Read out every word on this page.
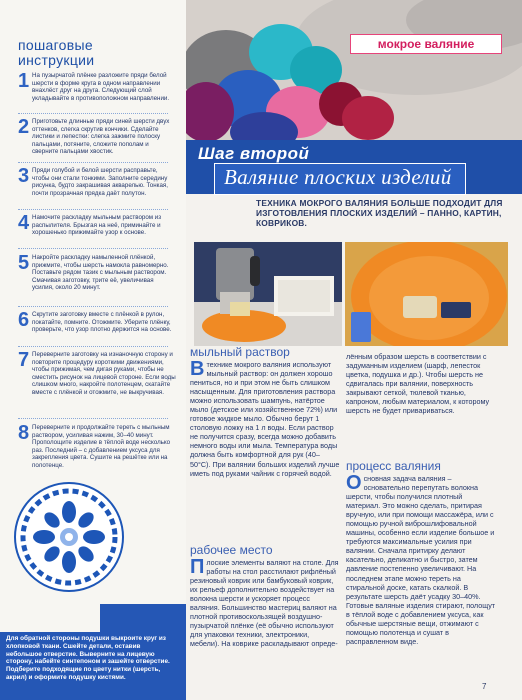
пошаговые
инструкции
1 На пузырчатой плёнке разложите пряди белой шерсти в форме круга в одном направлении внахлёст друг на друга. Следующий слой укладывайте в противоположном направлении.
2 Приготовьте длинные пряди синей шерсти двух оттенков, слегка скрутив кончики. Сделайте листики и лепестки: слегка зажмите полоску пальцами, потяните, сложите пополам и сверните пальцами хвостик.
3 Пряди голубой и белой шерсти расправьте, чтобы они стали тонкими. Заполните середину рисунка, будто закрашивая акварелью. Тонкая, почти прозрачная прядка даёт полутон.
4 Намочите раскладку мыльным раствором из распылителя. Брызгая на неё, приминайте и хорошенько прижимайте узор к основе.
5 Накройте раскладку намыленной плёнкой, прижмите, чтобы шерсть намокла равномерно. Поставьте рядом тазик с мыльным раствором. Смачивая заготовку, трите её, увеличивая усилия, около 20 минут.
6 Скрутите заготовку вместе с плёнкой в рулон, покатайте, помните. Отожмите. Уберите плёнку, проверьте, что узор плотно держится на основе.
7 Переверните заготовку на изнаночную сторону и повторите процедуру короткими движениями, чтобы прижимая, чем дигая руками, чтобы не сместить рисунок на лицевой стороне. Если воды слишком много, накройте полотенцем, скатайте вместе с плёнкой и отожмите, не выкручивая.
8 Переверните и продолжайте тереть с мыльным раствором, усиливая нажим, 30–40 минут. Прополощите изделие в тёплой воде несколько раз. Последний – с добавлением уксуса для закрепления цвета. Сушите на решётке или на полотенце.
Для обратной стороны подушки выкроите круг из хлопковой ткани. Сшейте детали, оставив небольшое отверстие. Выверните на лицевую сторону, набейте синтепоном и зашейте отверстие. Подберите подходящие по цвету нитки (шерсть, акрил) и оформите подушку кистями.
мокрое валяние
Шаг второй
Валяние плоских изделий
ТЕХНИКА МОКРОГО ВАЛЯНИЯ БОЛЬШЕ ПОДХОДИТ ДЛЯ ИЗГОТОВЛЕНИЯ ПЛОСКИХ ИЗДЕЛИЙ – ПАННО, КАРТИН, КОВРИКОВ.
мыльный раствор
Втехнике мокрого валяния используют мыльный раствор: он должен хорошо пениться, но и при этом не быть слишком насыщенным. Для приготовления раствора можно использовать шампунь, натёртое мыло (детское или хозяйственное 72%) или готовое жидкое мыло. Обычно берут 1 столовую ложку на 1 л воды. Если раствор не получится сразу, всегда можно добавить немного воды или мыла. Температура воды должна быть комфортной для рук (40–50°С). При валянии больших изделий лучше иметь под руками чайник с горячей водой.
рабочее место
Плоские элементы валяют на столе. Для работы на стол расстилают рифлёный резиновый коврик или бамбуковый коврик, их рельеф дополнительно воздействует на волокна шерсти и ускоряет процесс валяния. Большинство мастериц валяют на плотной противоскользящей воздушно-пузырчатой плёнке (её обычно используют для упаковки техники, электроники, мебели). На коврике раскладывают опреде-
лённым образом шерсть в соответствии с задуманным изделием (шарф, лепесток цветка, подушка и др.). Чтобы шерсть не сдвигалась при валянии, поверхность закрывают сеткой, тюлевой тканью, капроном, любым материалом, к которому шерсть не будет привариваться.
процесс валяния
Основная задача валяния – основательно перепутать волокна шерсти, чтобы получился плотный материал. Это можно сделать, притирая вручную, или при помощи массажёра, или с помощью ручной виброшлифовальной машины, особенно если изделие большое и требуются максимальные усилия при валянии. Сначала притирку делают касательно, деликатно и быстро, затем давление постепенно увеличивают. На последнем этапе можно тереть на стиральной доске, катать скалкой. В результате шерсть даёт усадку 30–40%. Готовые валяные изделия стирают, полощут в тёплой воде с добавлением уксуса, как обычные шерстяные вещи, отжимают с помощью полотенца и сушат в расправленном виде.
7
